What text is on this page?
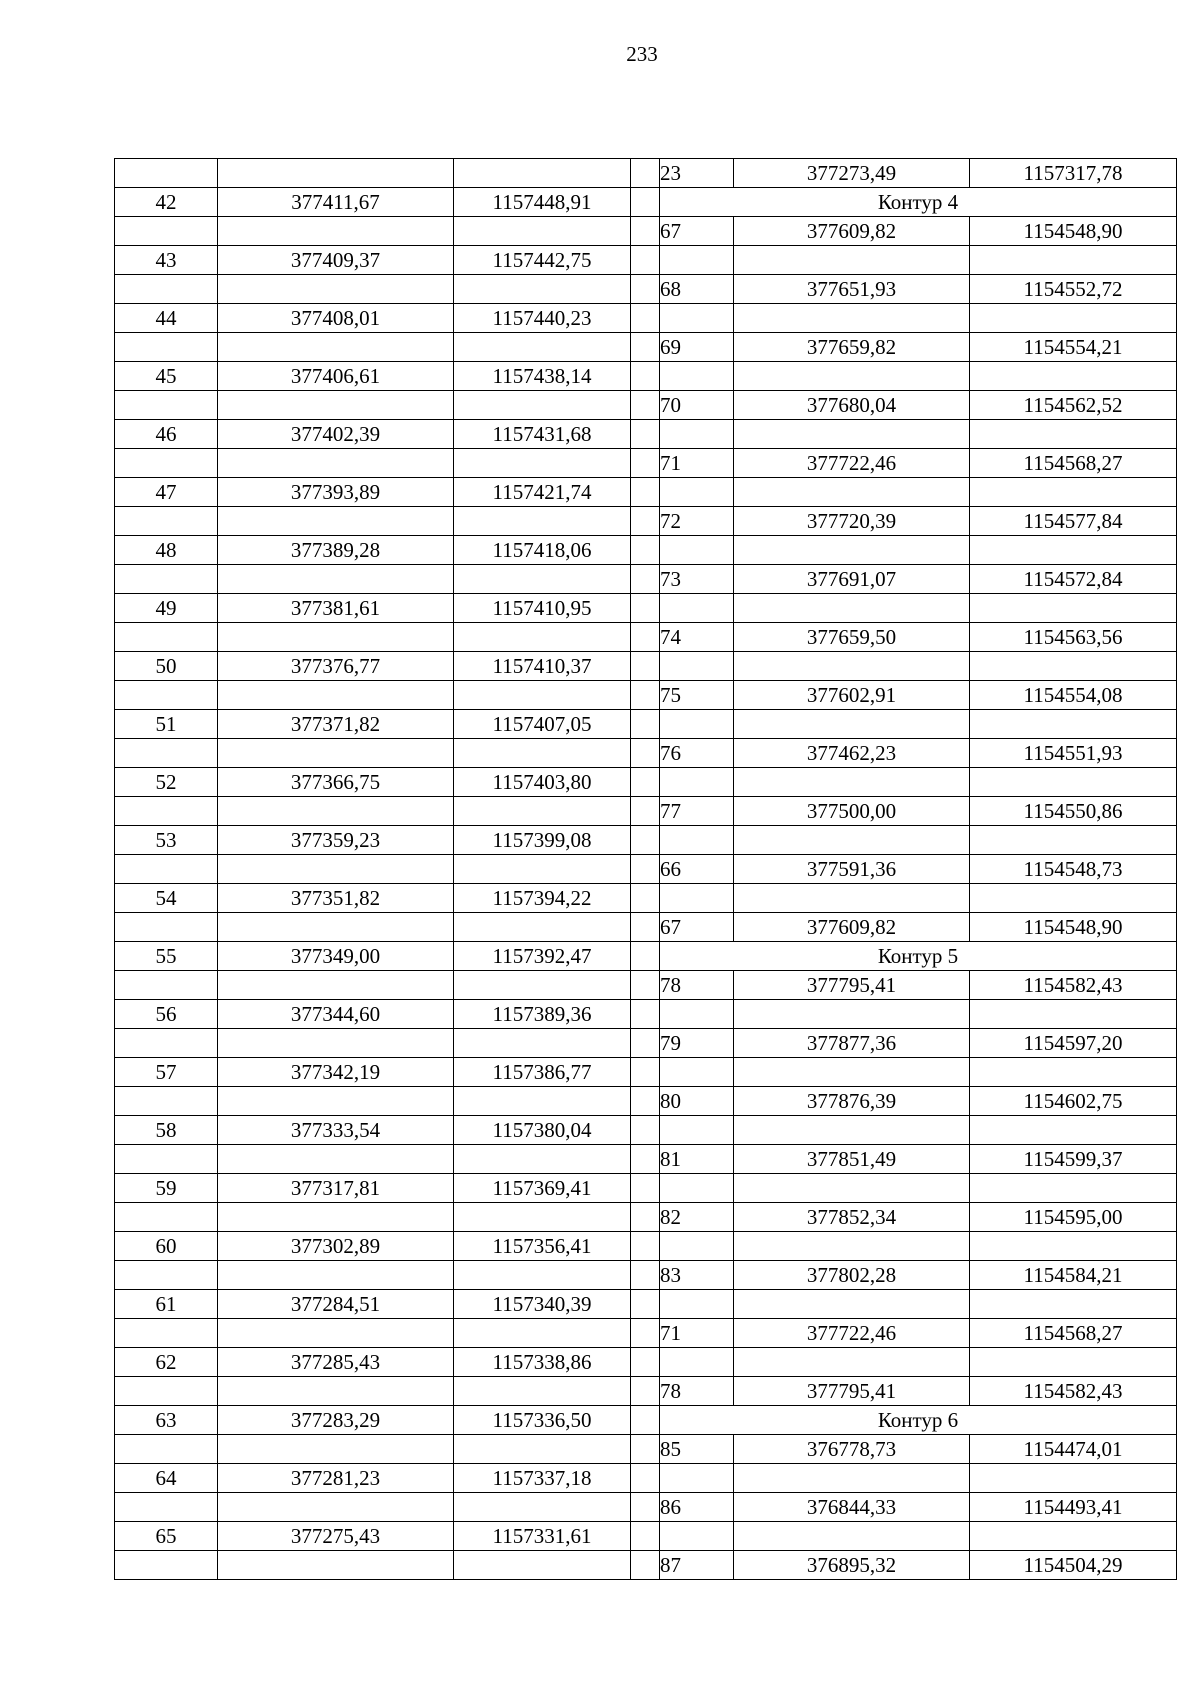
233
				23	377273,49	1157317,78
42	377411,67	1157448,91		Контур 4		
				67	377609,82	1154548,90
43	377409,37	1157442,75				
				68	377651,93	1154552,72
44	377408,01	1157440,23				
				69	377659,82	1154554,21
45	377406,61	1157438,14				
				70	377680,04	1154562,52
46	377402,39	1157431,68				
				71	377722,46	1154568,27
47	377393,89	1157421,74				
				72	377720,39	1154577,84
48	377389,28	1157418,06				
				73	377691,07	1154572,84
49	377381,61	1157410,95				
				74	377659,50	1154563,56
50	377376,77	1157410,37				
				75	377602,91	1154554,08
51	377371,82	1157407,05				
				76	377462,23	1154551,93
52	377366,75	1157403,80				
				77	377500,00	1154550,86
53	377359,23	1157399,08				
				66	377591,36	1154548,73
54	377351,82	1157394,22				
				67	377609,82	1154548,90
55	377349,00	1157392,47		Контур 5		
				78	377795,41	1154582,43
56	377344,60	1157389,36				
				79	377877,36	1154597,20
57	377342,19	1157386,77				
				80	377876,39	1154602,75
58	377333,54	1157380,04				
				81	377851,49	1154599,37
59	377317,81	1157369,41				
				82	377852,34	1154595,00
60	377302,89	1157356,41				
				83	377802,28	1154584,21
61	377284,51	1157340,39				
				71	377722,46	1154568,27
62	377285,43	1157338,86				
				78	377795,41	1154582,43
63	377283,29	1157336,50		Контур 6		
				85	376778,73	1154474,01
64	377281,23	1157337,18				
				86	376844,33	1154493,41
65	377275,43	1157331,61				
				87	376895,32	1154504,29
